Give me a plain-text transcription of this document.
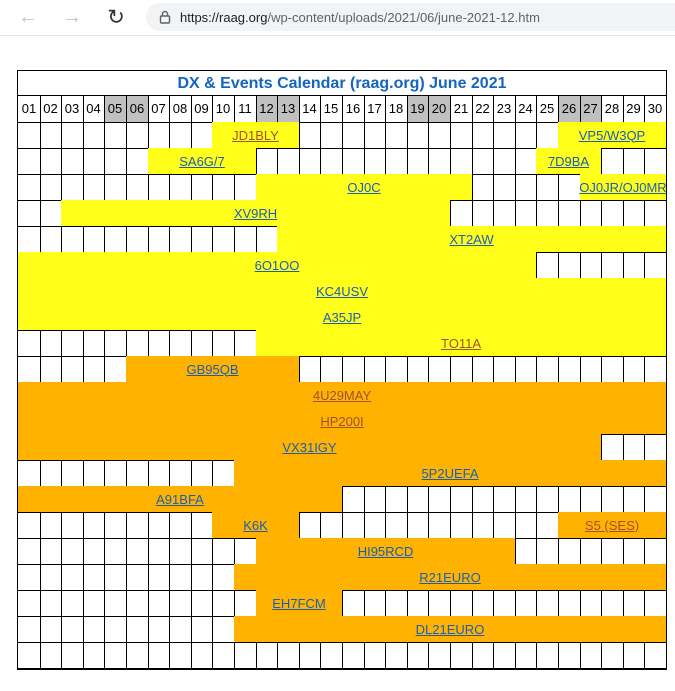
← → ↻	https://raag.org/wp-content/uploads/2021/06/june-2021-12.htm
DX & Events Calendar (raag.org) June 2021
01 02 03 04 05 06 07 08 09 10 11 12 13 14 15 16 17 18 19 20 21 22 23 24 25 26 27 28 29 30
JD1BLY	VP5/W3QP
SA6G/7	7D9BA
OJ0C	OJ0JR/OJ0MR
XV9RH
XT2AW
6O1OO
KC4USV
A35JP
TO11A
GB95QB
4U29MAY
HP200I
VX31IGY
5P2UEFA
A91BFA
K6K	S5 (SES)
HI95RCD
R21EURO
EH7FCM
DL21EURO
